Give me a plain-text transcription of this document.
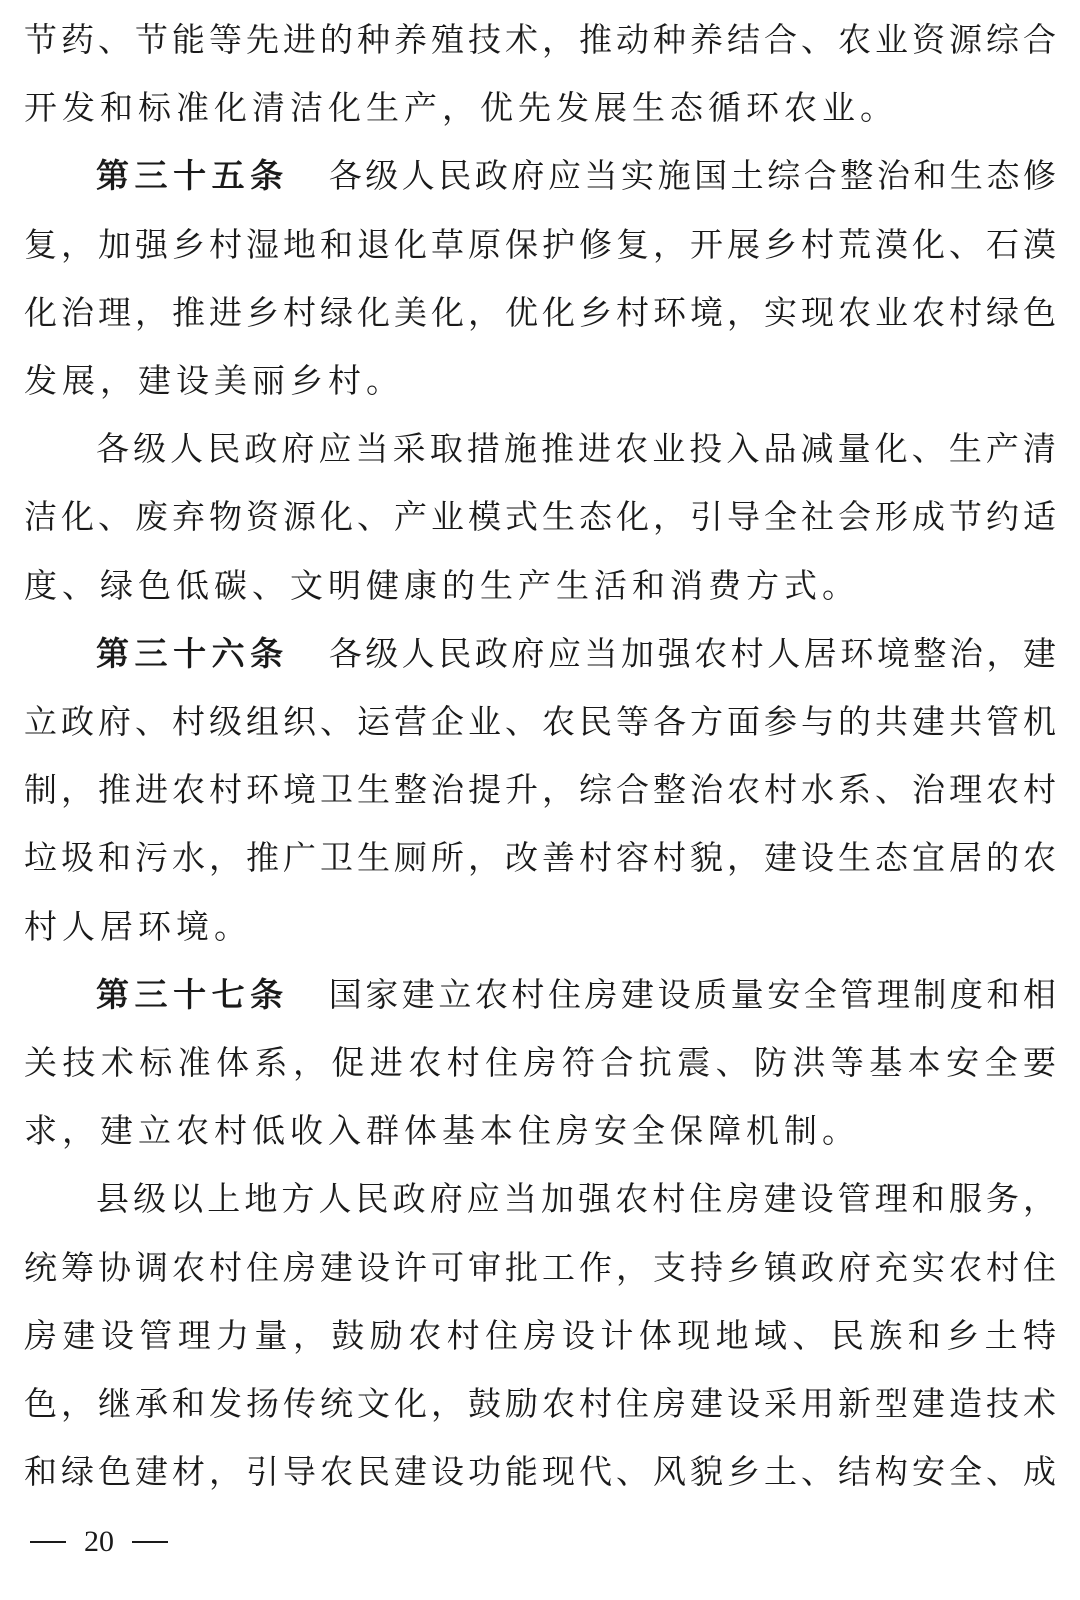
节药、节能等先进的种养殖技术，推动种养结合、农业资源综合
开发和标准化清洁化生产，优先发展生态循环农业。
第三十五条 各级人民政府应当实施国土综合整治和生态修
复，加强乡村湿地和退化草原保护修复，开展乡村荒漠化、石漠
化治理，推进乡村绿化美化，优化乡村环境，实现农业农村绿色
发展，建设美丽乡村。
各级人民政府应当采取措施推进农业投入品减量化、生产清
洁化、废弃物资源化、产业模式生态化，引导全社会形成节约适
度、绿色低碳、文明健康的生产生活和消费方式。
第三十六条 各级人民政府应当加强农村人居环境整治，建
立政府、村级组织、运营企业、农民等各方面参与的共建共管机
制，推进农村环境卫生整治提升，综合整治农村水系、治理农村
垃圾和污水，推广卫生厕所，改善村容村貌，建设生态宜居的农
村人居环境。
第三十七条 国家建立农村住房建设质量安全管理制度和相
关技术标准体系，促进农村住房符合抗震、防洪等基本安全要
求，建立农村低收入群体基本住房安全保障机制。
县级以上地方人民政府应当加强农村住房建设管理和服务，
统筹协调农村住房建设许可审批工作，支持乡镇政府充实农村住
房建设管理力量，鼓励农村住房设计体现地域、民族和乡土特
色，继承和发扬传统文化，鼓励农村住房建设采用新型建造技术
和绿色建材，引导农民建设功能现代、风貌乡土、结构安全、成
20
